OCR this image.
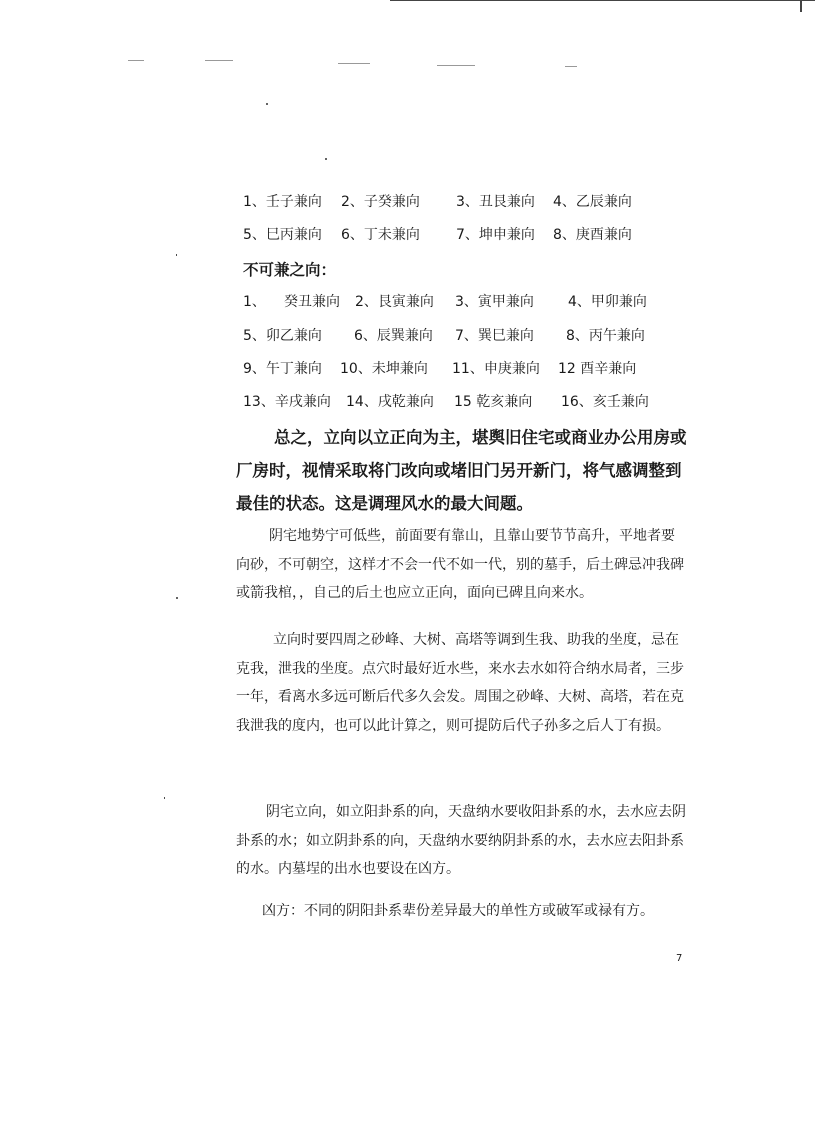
1、壬子兼向 2、子癸兼向	3、丑艮兼向 4、乙辰兼向
5、巳丙兼向 6、丁未兼向	7、坤申兼向 8、庚酉兼向
不可兼之向：
1、 癸丑兼向 2、艮寅兼向 3、寅甲兼向 4、甲卯兼向
5、卯乙兼向 6、辰巽兼向 7、巽巳兼向 8、丙午兼向
9、午丁兼向 10、未坤兼向 11、申庚兼向 12 酉辛兼向
13、辛戌兼向 14、戌乾兼向 15 乾亥兼向 16、亥壬兼向
总之，立向以立正向为主，堪舆旧住宅或商业办公用房或厂房时，视情采取将门改向或堵旧门另开新门，将气感调整到最佳的状态。这是调理风水的最大间题。
阴宅地势宁可低些，前面要有靠山，且靠山要节节高升，平地者要向砂，不可朝空，这样才不会一代不如一代，别的墓手，后土碑忌冲我碑或箭我棺，，自己的后土也应立正向，面向已碑且向来水。
立向时要四周之砂峰、大树、高塔等调到生我、助我的坐度，忌在克我，泄我的坐度。点穴时最好近水些，来水去水如符合纳水局者，三步一年，看离水多远可断后代多久会发。周围之砂峰、大树、高塔，若在克我泄我的度内，也可以此计算之，则可提防后代子孙多之后人丁有损。
阴宅立向，如立阳卦系的向，天盘纳水要收阳卦系的水，去水应去阴卦系的水；如立阴卦系的向，天盘纳水要纳阴卦系的水，去水应去阳卦系的水。内墓埕的出水也要设在凶方。
凶方：不同的阴阳卦系辈份差异最大的单性方或破军或禄有方。
7
